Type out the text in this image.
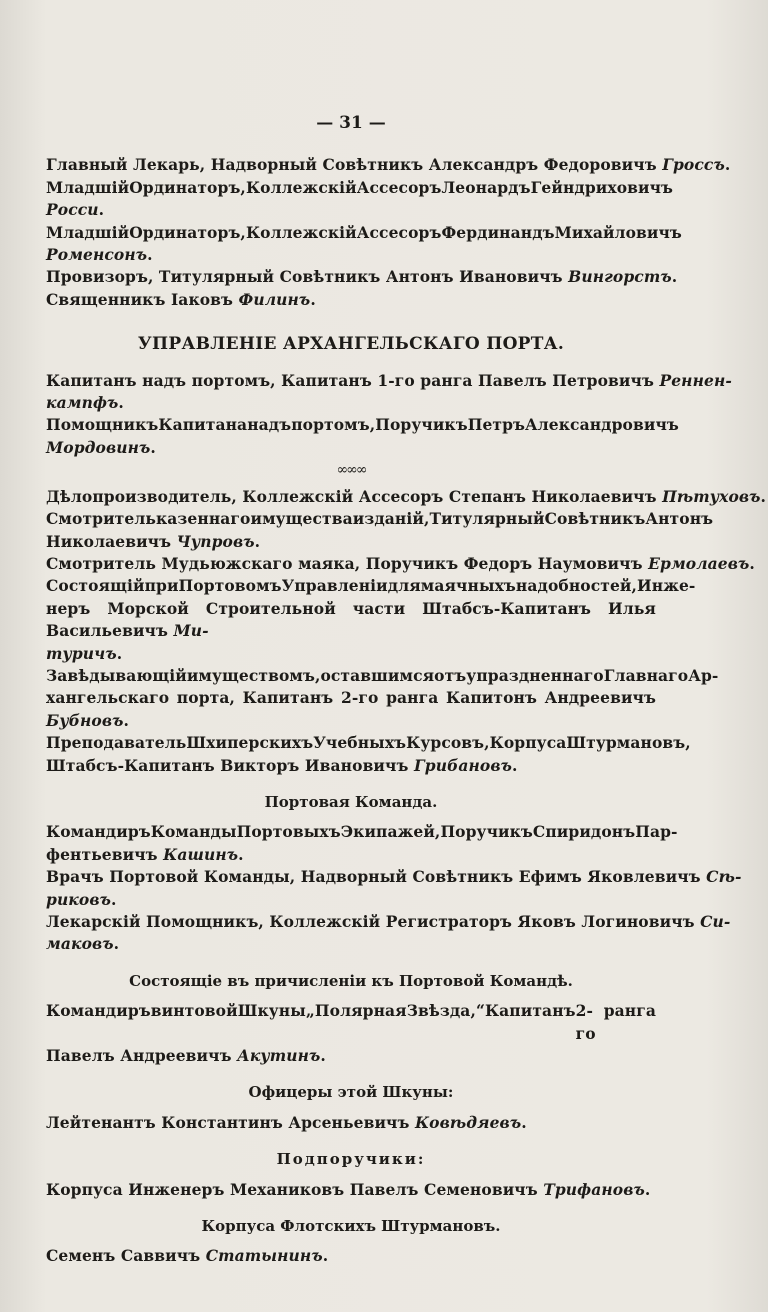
— 31 —

Главный Лекарь, Надворный Совѣтникъ Александръ Федоровичъ Гроссъ.

Младшій Ординаторъ, Коллежскій Ассесоръ Леонардъ Гейндриховичъ
Росси.

Младшій Ординаторъ, Коллежскій Ассесоръ Фердинандъ Михайловичъ
Роменсонъ.

Провизоръ, Титулярный Совѣтникъ Антонъ Ивановичъ Вингорстъ.

Священникъ Іаковъ Филинъ.

УПРАВЛЕНІЕ АРХАНГЕЛЬСКАГО ПОРТА.

Капитанъ надъ портомъ, Капитанъ 1-го ранга Павелъ Петровичъ Реннен-
кампфъ.

Помощникъ Капитана надъ портомъ, Поручикъ Петръ Александровичъ
Мордовинъ.

∞∞∞

Дѣлопроизводитель, Коллежскій Ассесоръ Степанъ Николаевичъ Пѣтуховъ.

Смотритель казеннаго имущества и зданій, Титулярный Совѣтникъ Антонъ
Николаевичъ Чупровъ.

Смотритель Мудьюжскаго маяка, Поручикъ Федоръ Наумовичъ Ермолаевъ.

Состоящій при Портовомъ Управленіи для маячныхъ надобностей, Инже-
неръ Морской Строительной части Штабсъ-Капитанъ Илья Васильевичъ Ми-
туричъ.

Завѣдывающій имуществомъ, оставшимся отъ упраздненнаго Главнаго Ар-
хангельскаго порта, Капитанъ 2-го ранга Капитонъ Андреевичъ Бубновъ.

Преподаватель Шхиперскихъ Учебныхъ Курсовъ, Корпуса Штурмановъ,
Штабсъ-Капитанъ Викторъ Ивановичъ Грибановъ.

Портовая Команда.

Командиръ Команды Портовыхъ Экипажей, Поручикъ Спиридонъ Пар-
фентьевичъ Кашинъ.

Врачъ Портовой Команды, Надворный Совѣтникъ Ефимъ Яковлевичъ Сѣ-
риковъ.

Лекарскій Помощникъ, Коллежскій Регистраторъ Яковъ Логиновичъ Си-
маковъ.

Состоящіе въ причисленіи къ Портовой Командѣ.

Командиръ винтовой Шкуны „Полярная Звѣзда,“ Капитанъ 2-го
ранга
Павелъ Андреевичъ Акутинъ.

Офицеры этой Шкуны:

Лейтенантъ Константинъ Арсеньевичъ Ковѣдяевъ.

Подпоручики:

Корпуса Инженеръ Механиковъ Павелъ Семеновичъ Трифановъ.

Корпуса Флотскихъ Штурмановъ.

Семенъ Саввичъ Статынинъ.
